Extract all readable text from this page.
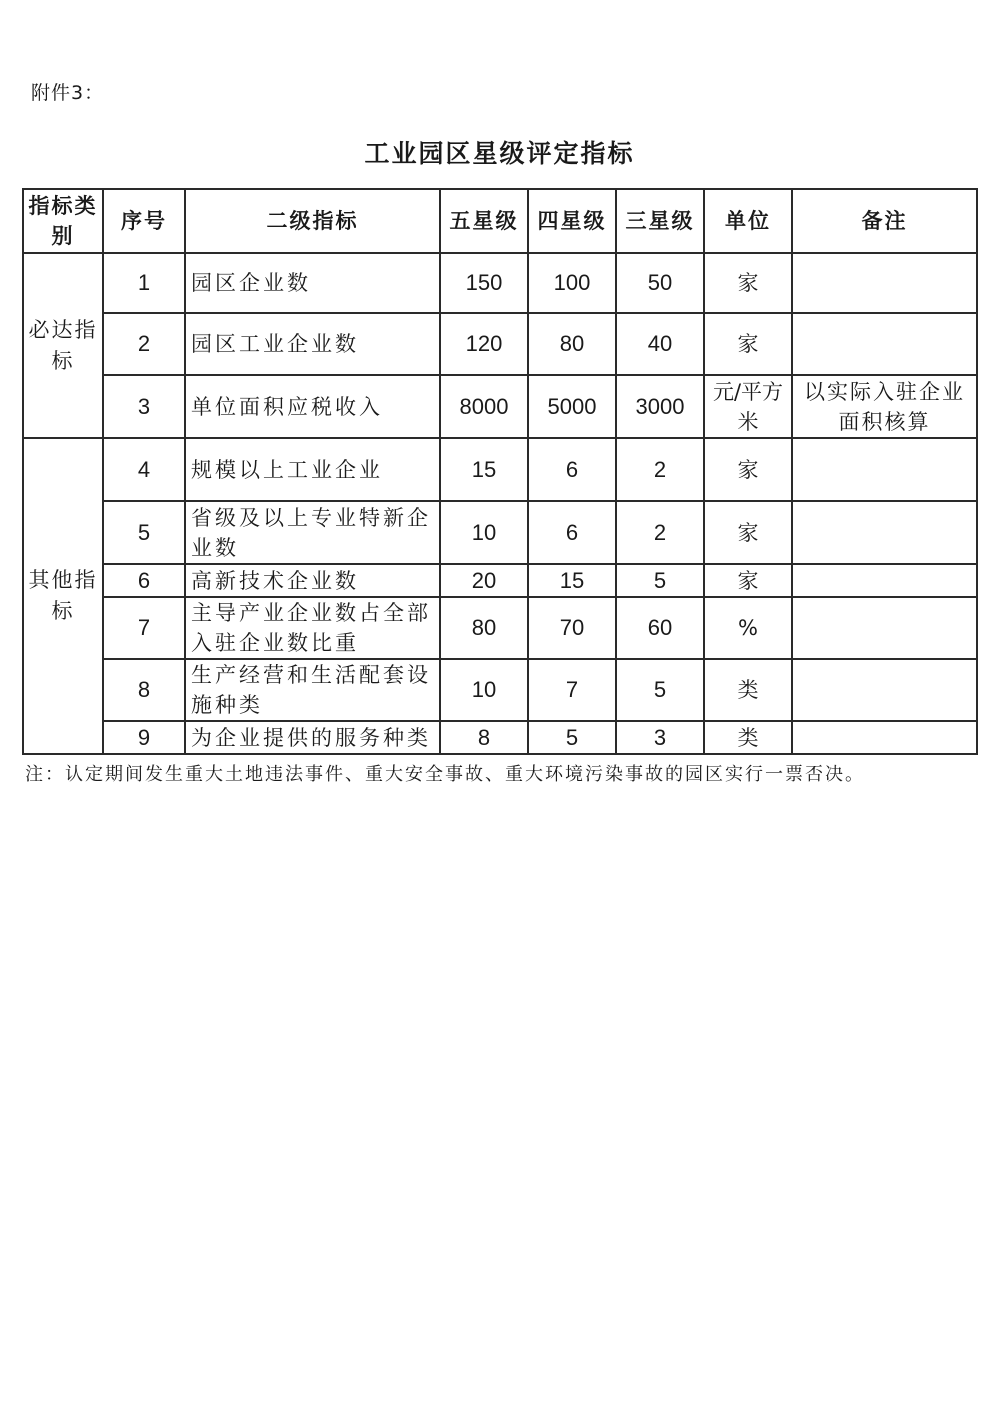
附件3：
工业园区星级评定指标
指标类别	序号	二级指标	五星级	四星级	三星级	单位	备注
必达指标	1	园区企业数	150	100	50	家	
	2	园区工业企业数	120	80	40	家	
	3	单位面积应税收入	8000	5000	3000	元/平方米	以实际入驻企业面积核算
其他指标	4	规模以上工业企业	15	6	2	家	
	5	省级及以上专业特新企业数	10	6	2	家	
	6	高新技术企业数	20	15	5	家	
	7	主导产业企业数占全部入驻企业数比重	80	70	60	%	
	8	生产经营和生活配套设施种类	10	7	5	类	
	9	为企业提供的服务种类	8	5	3	类	
注：认定期间发生重大土地违法事件、重大安全事故、重大环境污染事故的园区实行一票否决。
